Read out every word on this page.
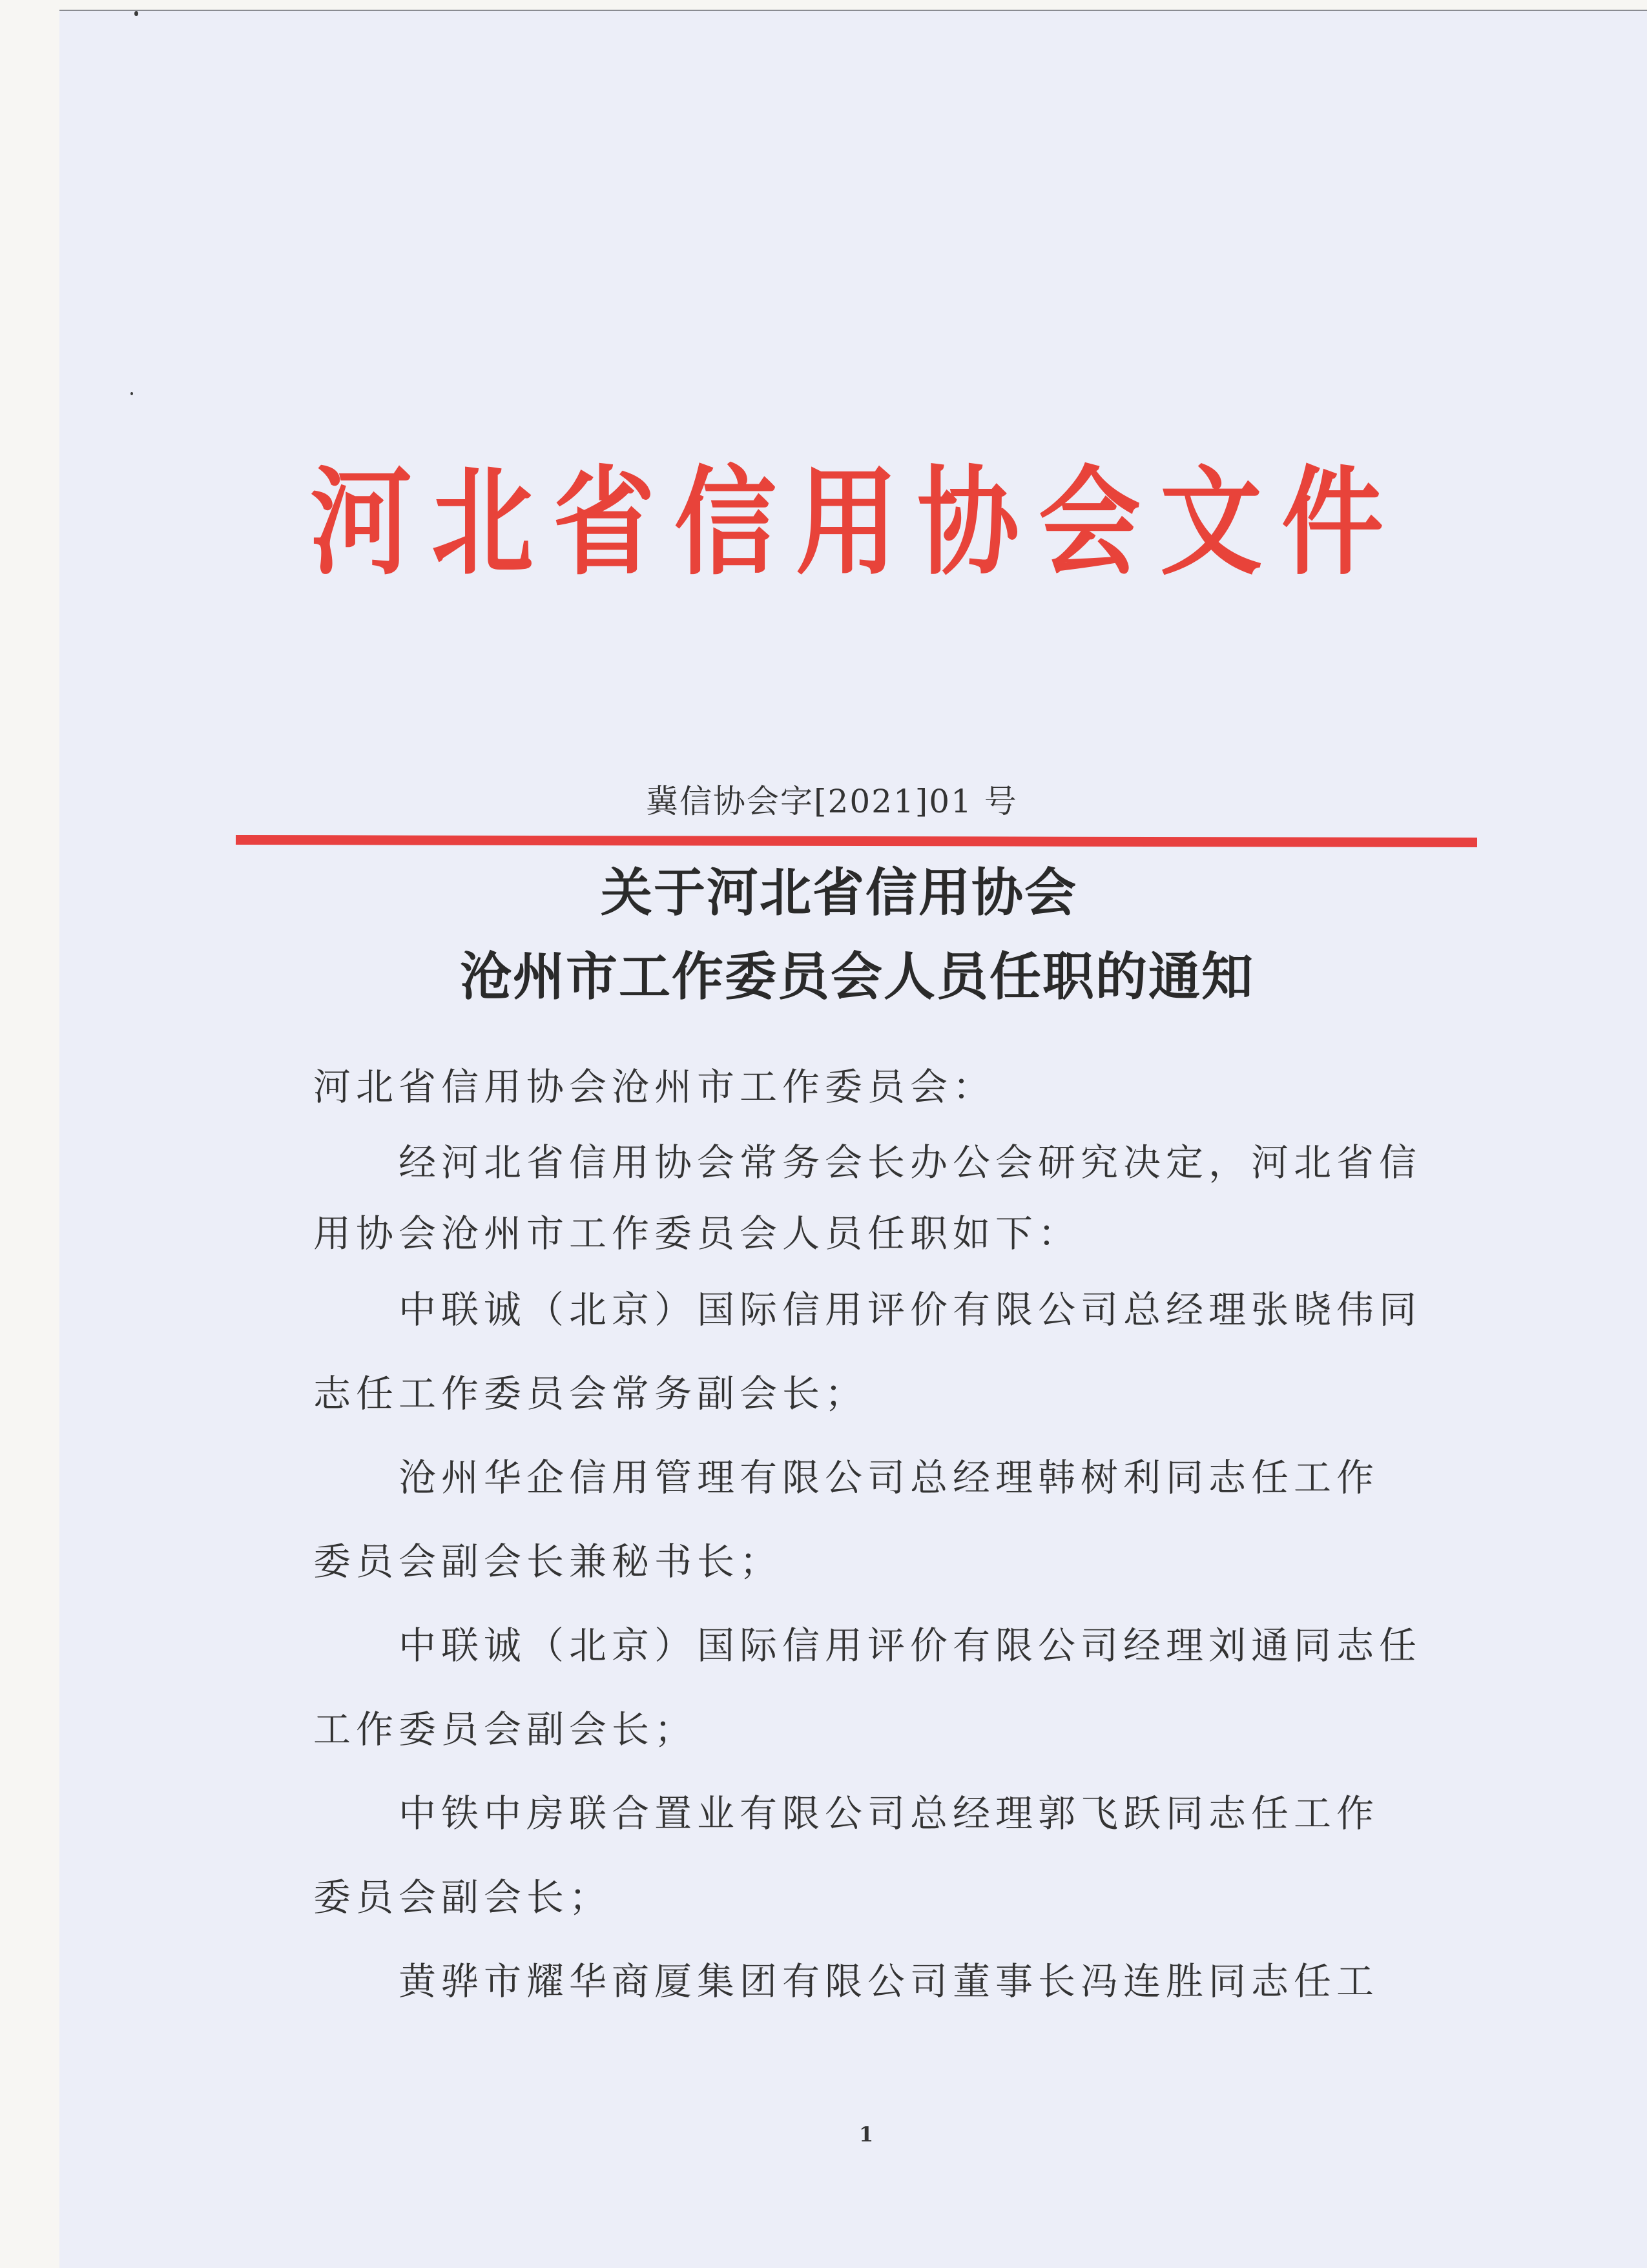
河北省信用协会文件
冀信协会字[2021]01 号
关于河北省信用协会
沧州市工作委员会人员任职的通知
河北省信用协会沧州市工作委员会：
经河北省信用协会常务会长办公会研究决定，河北省信
用协会沧州市工作委员会人员任职如下：
中联诚（北京）国际信用评价有限公司总经理张晓伟同
志任工作委员会常务副会长；
沧州华企信用管理有限公司总经理韩树利同志任工作
委员会副会长兼秘书长；
中联诚（北京）国际信用评价有限公司经理刘通同志任
工作委员会副会长；
中铁中房联合置业有限公司总经理郭飞跃同志任工作
委员会副会长；
黄骅市耀华商厦集团有限公司董事长冯连胜同志任工
1
